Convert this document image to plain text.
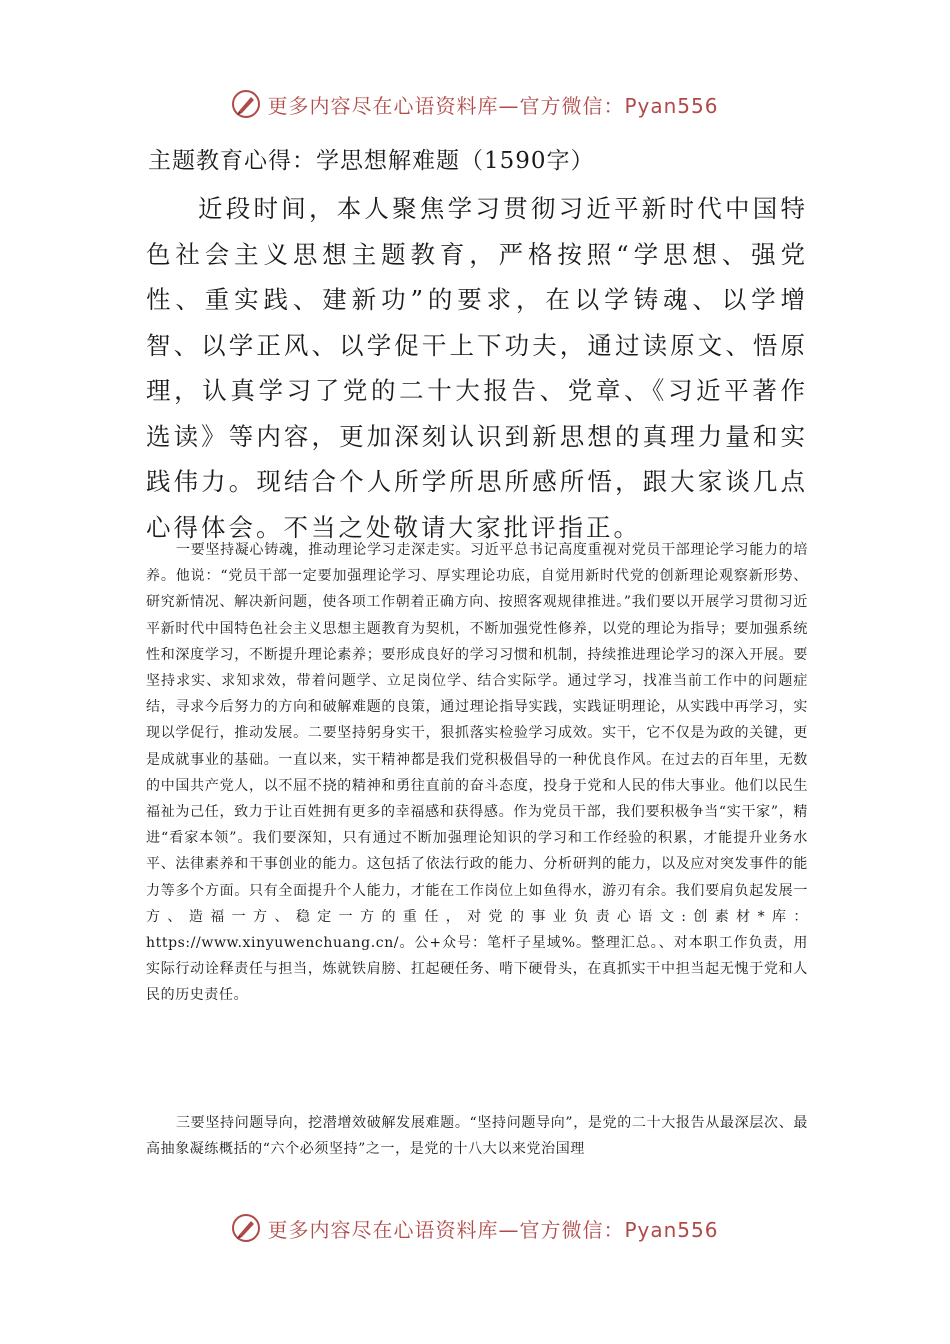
更多内容尽在心语资料库—官方微信：Pyan556
主题教育心得：学思想解难题（1590字）

近段时间，本人聚焦学习贯彻习近平新时代中国特色社会主义思想主题教育，严格按照“学思想、强党性、重实践、建新功”的要求，在以学铸魂、以学增智、以学正风、以学促干上下功夫，通过读原文、悟原理，认真学习了党的二十大报告、党章、《习近平著作选读》等内容，更加深刻认识到新思想的真理力量和实践伟力。现结合个人所学所思所感所悟，跟大家谈几点心得体会。不当之处敬请大家批评指正。

一要坚持凝心铸魂，推动理论学习走深走实。习近平总书记高度重视对党员干部理论学习能力的培养。他说：“党员干部一定要加强理论学习、厚实理论功底，自觉用新时代党的创新理论观察新形势、研究新情况、解决新问题，使各项工作朝着正确方向、按照客观规律推进。”我们要以开展学习贯彻习近平新时代中国特色社会主义思想主题教育为契机，不断加强党性修养，以党的理论为指导；要加强系统性和深度学习，不断提升理论素养；要形成良好的学习习惯和机制，持续推进理论学习的深入开展。要坚持求实、求知求效，带着问题学、立足岗位学、结合实际学。通过学习，找准当前工作中的问题症结，寻求今后努力的方向和破解难题的良策，通过理论指导实践，实践证明理论，从实践中再学习，实现以学促行，推动发展。二要坚持躬身实干，狠抓落实检验学习成效。实干，它不仅是为政的关键，更是成就事业的基础。一直以来，实干精神都是我们党积极倡导的一种优良作风。在过去的百年里，无数的中国共产党人，以不屈不挠的精神和勇往直前的奋斗态度，投身于党和人民的伟大事业。他们以民生福祉为己任，致力于让百姓拥有更多的幸福感和获得感。作为党员干部，我们要积极争当“实干家”，精进“看家本领”。我们要深知，只有通过不断加强理论知识的学习和工作经验的积累，才能提升业务水平、法律素养和干事创业的能力。这包括了依法行政的能力、分析研判的能力，以及应对突发事件的能力等多个方面。只有全面提升个人能力，才能在工作岗位上如鱼得水，游刃有余。我们要肩负起发展一方、造福一方、稳定一方的重任，对党的事业负责心语文:创素材*库：https://www.xinyuwenchuang.cn/。公+众号：笔杆子星域%。整理汇总。、对本职工作负责，用实际行动诠释责任与担当，炼就铁肩膀、扛起硬任务、啃下硬骨头，在真抓实干中担当起无愧于党和人民的历史责任。

三要坚持问题导向，挖潜增效破解发展难题。“坚持问题导向”，是党的二十大报告从最深层次、最高抽象凝练概括的“六个必须坚持”之一，是党的十八大以来党治国理

更多内容尽在心语资料库—官方微信：Pyan556
